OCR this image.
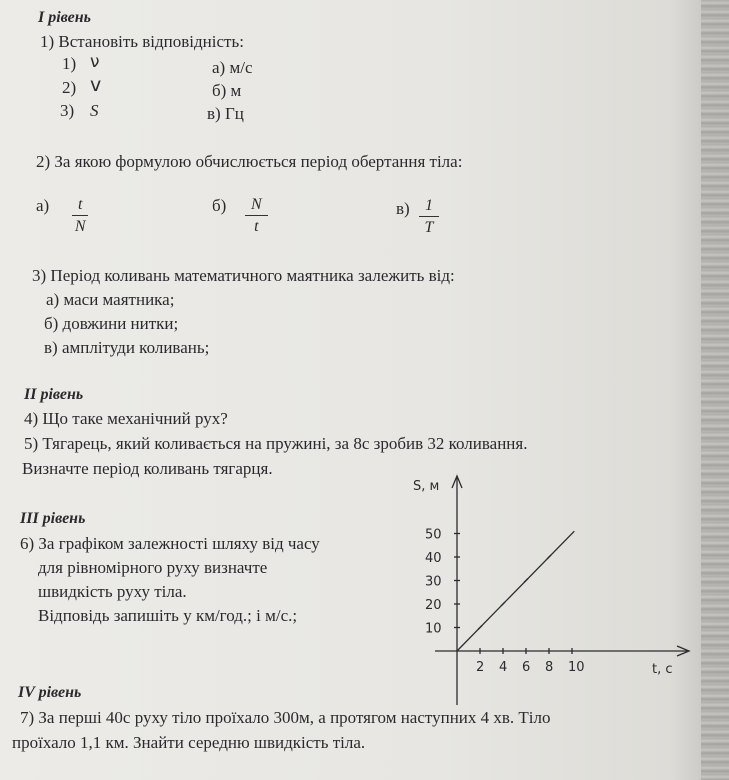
I рівень
1) Встановіть відповідність:
1) ν
2) v
3) S
а) м/с
б) м
в) Гц
2) За якою формулою обчислюється період обертання тіла:
$а) \frac{t}{N}$	$б) \frac{N}{t}$	$в) \frac{1}{T}$
3) Період коливань математичного маятника залежить від:
а) маси маятника;
б) довжини нитки;
в) амплітуди коливань;
II рівень
4) Що таке механічний рух?
5) Тягарець, який коливається на пружині, за 8с зробив 32 коливання.
Визначте період коливань тягарця.
III рівень
6) За графіком залежності шляху від часу
для рівномірного руху визначте
швидкість руху тіла.
Відповідь запишіть у км/год.; і м/с.;
S, м
t, c
2 4 6 8 10
10
20
30
40
50
IV рівень
7) За перші 40с руху тіло проїхало 300м, а протягом наступних 4 хв. Тіло
проїхало 1,1 км. Знайти середню швидкість тіла.
